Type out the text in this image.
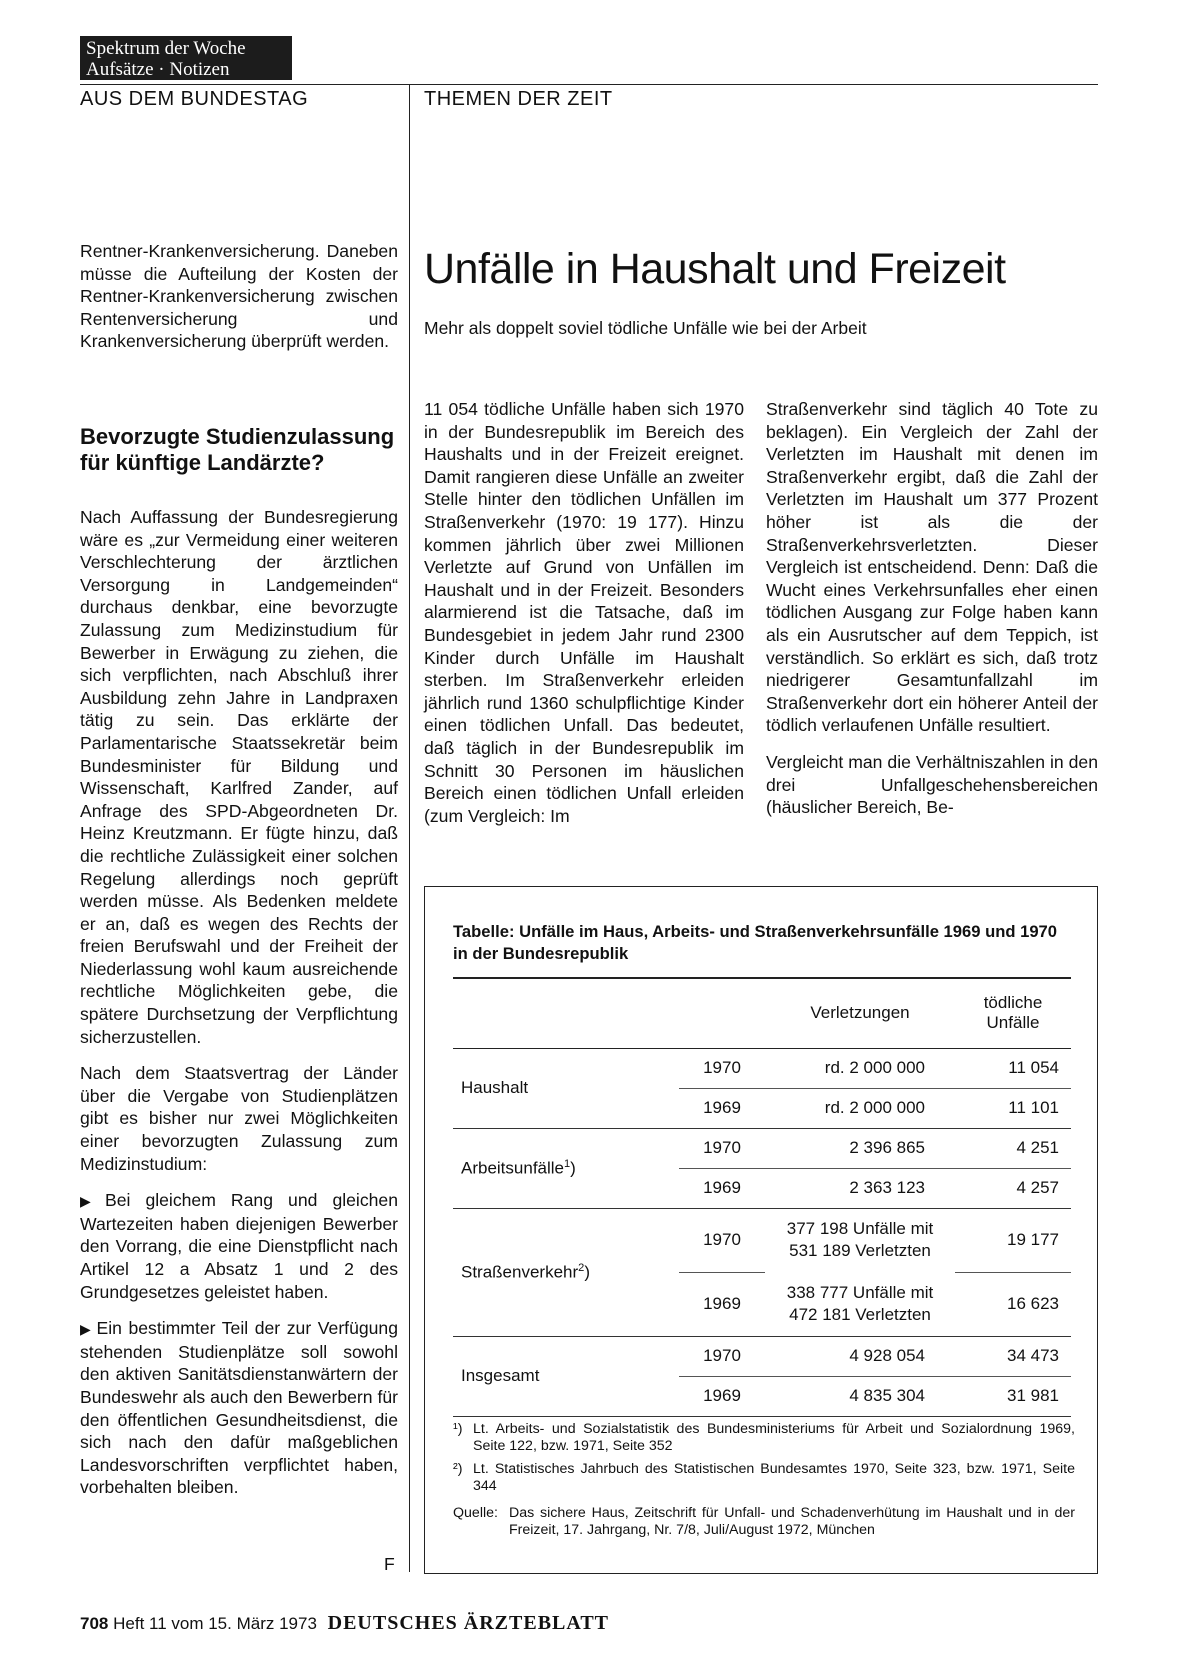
Spektrum der Woche
Aufsätze · Notizen
AUS DEM BUNDESTAG	THEMEN DER ZEIT

Rentner-Krankenversicherung. Daneben müsse die Aufteilung der Kosten der Rentner-Krankenversicherung zwischen Rentenversicherung und Krankenversicherung überprüft werden.

Bevorzugte Studienzulassung für künftige Landärzte?

Nach Auffassung der Bundesregierung wäre es „zur Vermeidung einer weiteren Verschlechterung der ärztlichen Versorgung in Landgemeinden“ durchaus denkbar, eine bevorzugte Zulassung zum Medizinstudium für Bewerber in Erwägung zu ziehen, die sich verpflichten, nach Abschluß ihrer Ausbildung zehn Jahre in Landpraxen tätig zu sein. Das erklärte der Parlamentarische Staatssekretär beim Bundesminister für Bildung und Wissenschaft, Karlfred Zander, auf Anfrage des SPD-Abgeordneten Dr. Heinz Kreutzmann. Er fügte hinzu, daß die rechtliche Zulässigkeit einer solchen Regelung allerdings noch geprüft werden müsse. Als Bedenken meldete er an, daß es wegen des Rechts der freien Berufswahl und der Freiheit der Niederlassung wohl kaum ausreichende rechtliche Möglichkeiten gebe, die spätere Durchsetzung der Verpflichtung sicherzustellen.

Nach dem Staatsvertrag der Länder über die Vergabe von Studienplätzen gibt es bisher nur zwei Möglichkeiten einer bevorzugten Zulassung zum Medizinstudium:

▶ Bei gleichem Rang und gleichen Wartezeiten haben diejenigen Bewerber den Vorrang, die eine Dienstpflicht nach Artikel 12 a Absatz 1 und 2 des Grundgesetzes geleistet haben.

▶ Ein bestimmter Teil der zur Verfügung stehenden Studienplätze soll sowohl den aktiven Sanitätsdienstanwärtern der Bundeswehr als auch den Bewerbern für den öffentlichen Gesundheitsdienst, die sich nach den dafür maßgeblichen Landesvorschriften verpflichtet haben, vorbehalten bleiben.

F
Unfälle in Haushalt und Freizeit
Mehr als doppelt soviel tödliche Unfälle wie bei der Arbeit

11 054 tödliche Unfälle haben sich 1970 in der Bundesrepublik im Bereich des Haushalts und in der Freizeit ereignet. Damit rangieren diese Unfälle an zweiter Stelle hinter den tödlichen Unfällen im Straßenverkehr (1970: 19 177). Hinzu kommen jährlich über zwei Millionen Verletzte auf Grund von Unfällen im Haushalt und in der Freizeit. Besonders alarmierend ist die Tatsache, daß im Bundesgebiet in jedem Jahr rund 2300 Kinder durch Unfälle im Haushalt sterben. Im Straßenverkehr erleiden jährlich rund 1360 schulpflichtige Kinder einen tödlichen Unfall. Das bedeutet, daß täglich in der Bundesrepublik im Schnitt 30 Personen im häuslichen Bereich einen tödlichen Unfall erleiden (zum Vergleich: Im

Straßenverkehr sind täglich 40 Tote zu beklagen). Ein Vergleich der Zahl der Verletzten im Haushalt mit denen im Straßenverkehr ergibt, daß die Zahl der Verletzten im Haushalt um 377 Prozent höher ist als die der Straßenverkehrsverletzten. Dieser Vergleich ist entscheidend. Denn: Daß die Wucht eines Verkehrsunfalles eher einen tödlichen Ausgang zur Folge haben kann als ein Ausrutscher auf dem Teppich, ist verständlich. So erklärt es sich, daß trotz niedrigerer Gesamtunfallzahl im Straßenverkehr dort ein höherer Anteil der tödlich verlaufenen Unfälle resultiert.

Vergleicht man die Verhältniszahlen in den drei Unfallgeschehensbereichen (häuslicher Bereich, Be-

Tabelle: Unfälle im Haus, Arbeits- und Straßenverkehrsunfälle 1969 und 1970 in der Bundesrepublik
		Verletzungen	tödliche
Unfälle

Haushalt	1970	rd. 2 000 000	11 054
	1969	rd. 2 000 000	11 101
Arbeitsunfälle$^1$)	1970	2 396 865	4 251
	1969	2 363 123	4 257
Straßenverkehr$^2$)	1970	377 198 Unfälle mit
531 189 Verletzten	19 177
	1969	338 777 Unfälle mit
472 181 Verletzten	16 623
Insgesamt	1970	4 928 054	34 473
	1969	4 835 304	31 981
¹) Lt. Arbeits- und Sozialstatistik des Bundesministeriums für Arbeit und Sozialordnung 1969, Seite 122, bzw. 1971, Seite 352
²) Lt. Statistisches Jahrbuch des Statistischen Bundesamtes 1970, Seite 323, bzw. 1971, Seite 344
Quelle: Das sichere Haus, Zeitschrift für Unfall- und Schadenverhütung im Haushalt und in der Freizeit, 17. Jahrgang, Nr. 7/8, Juli/August 1972, München
708 Heft 11 vom 15. März 1973 DEUTSCHES ÄRZTEBLATT
